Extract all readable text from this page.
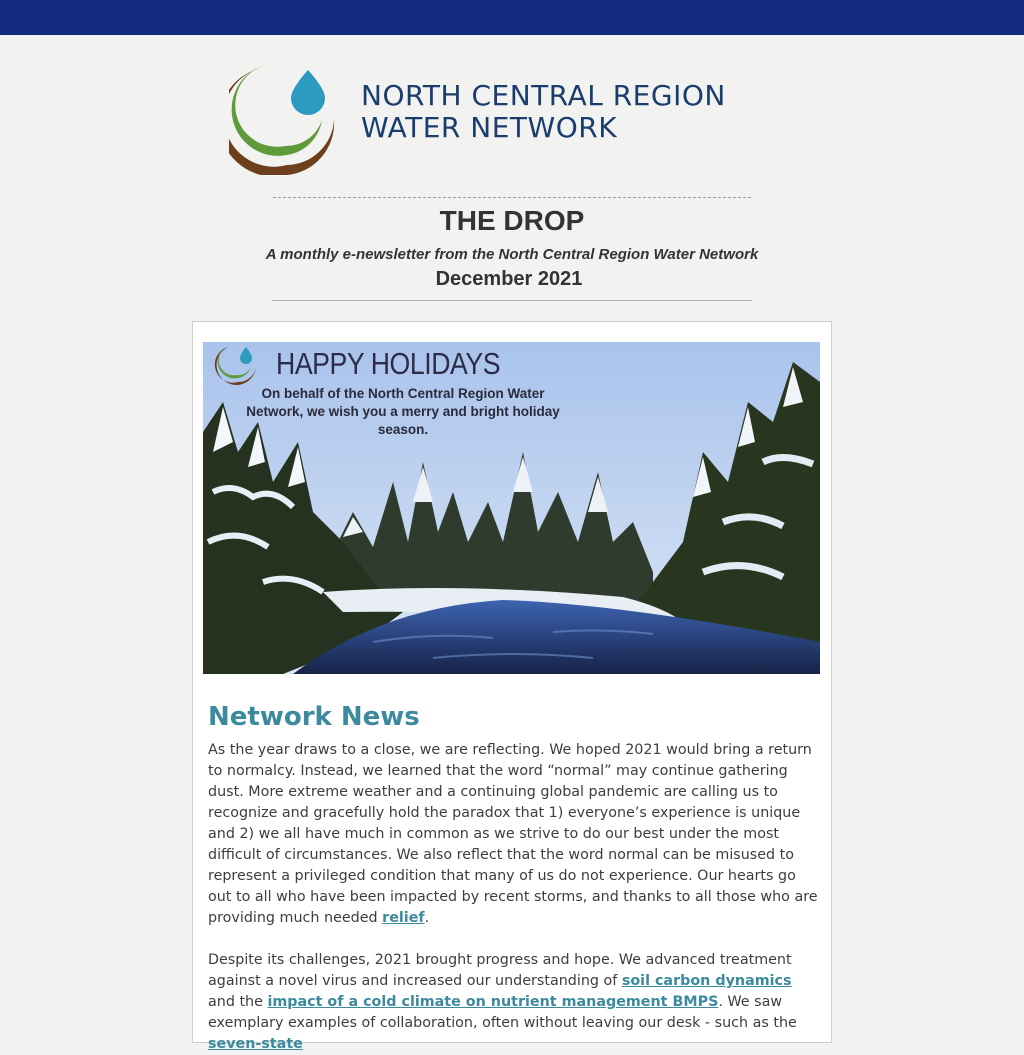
NORTH CENTRAL REGION
WATER NETWORK
THE DROP
A monthly e-newsletter from the North Central Region Water Network
December 2021
HAPPY HOLIDAYS
On behalf of the North Central Region Water Network, we wish you a merry and bright holiday season.
Network News

As the year draws to a close, we are reflecting. We hoped 2021 would bring a return to normalcy. Instead, we learned that the word “normal” may continue gathering dust. More extreme weather and a continuing global pandemic are calling us to recognize and gracefully hold the paradox that 1) everyone’s experience is unique and 2) we all have much in common as we strive to do our best under the most difficult of circumstances. We also reflect that the word normal can be misused to represent a privileged condition that many of us do not experience. Our hearts go out to all who have been impacted by recent storms, and thanks to all those who are providing much needed relief.

Despite its challenges, 2021 brought progress and hope. We advanced treatment against a novel virus and increased our understanding of soil carbon dynamics and the impact of a cold climate on nutrient management BMPS. We saw exemplary examples of collaboration, often without leaving our desk - such as the seven-state
